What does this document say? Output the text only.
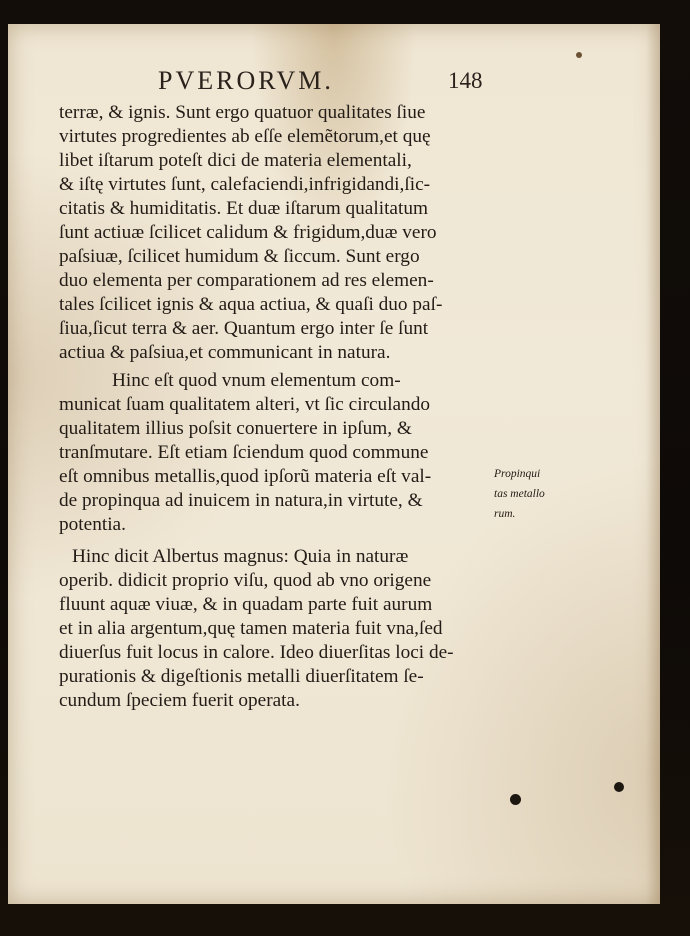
PVERORVM.	148
terræ, & ignis. Sunt ergo quatuor qualitates ſiue
virtutes progredientes ab eſſe elemẽtorum,et quę
libet iſtarum poteſt dici de materia elementali,
& iſtę virtutes ſunt, calefaciendi,infrigidandi,ſic-
citatis & humiditatis. Et duæ iſtarum qualitatum
ſunt actiuæ ſcilicet calidum & frigidum,duæ vero
paſsiuæ, ſcilicet humidum & ſiccum. Sunt ergo
duo elementa per comparationem ad res elemen-
tales ſcilicet ignis & aqua actiua, & quaſi duo paſ-
ſiua,ſicut terra & aer. Quantum ergo inter ſe ſunt
actiua & paſsiua,et communicant in natura.
Hinc eſt quod vnum elementum com-
municat ſuam qualitatem alteri, vt ſic circulando
qualitatem illius poſsit conuertere in ipſum, &
tranſmutare. Eſt etiam ſciendum quod commune
eſt omnibus metallis,quod ipſorũ materia eſt val-
de propinqua ad inuicem in natura,in virtute, &
potentia.
Propinqui
tas metallo
rum.
Hinc dicit Albertus magnus: Quia in naturæ
operib. didicit proprio viſu, quod ab vno origene
fluunt aquæ viuæ, & in quadam parte fuit aurum
et in alia argentum,quę tamen materia fuit vna,ſed
diuerſus fuit locus in calore. Ideo diuerſitas loci de-
purationis & digeſtionis metalli diuerſitatem ſe-
cundum ſpeciem fuerit operata.
